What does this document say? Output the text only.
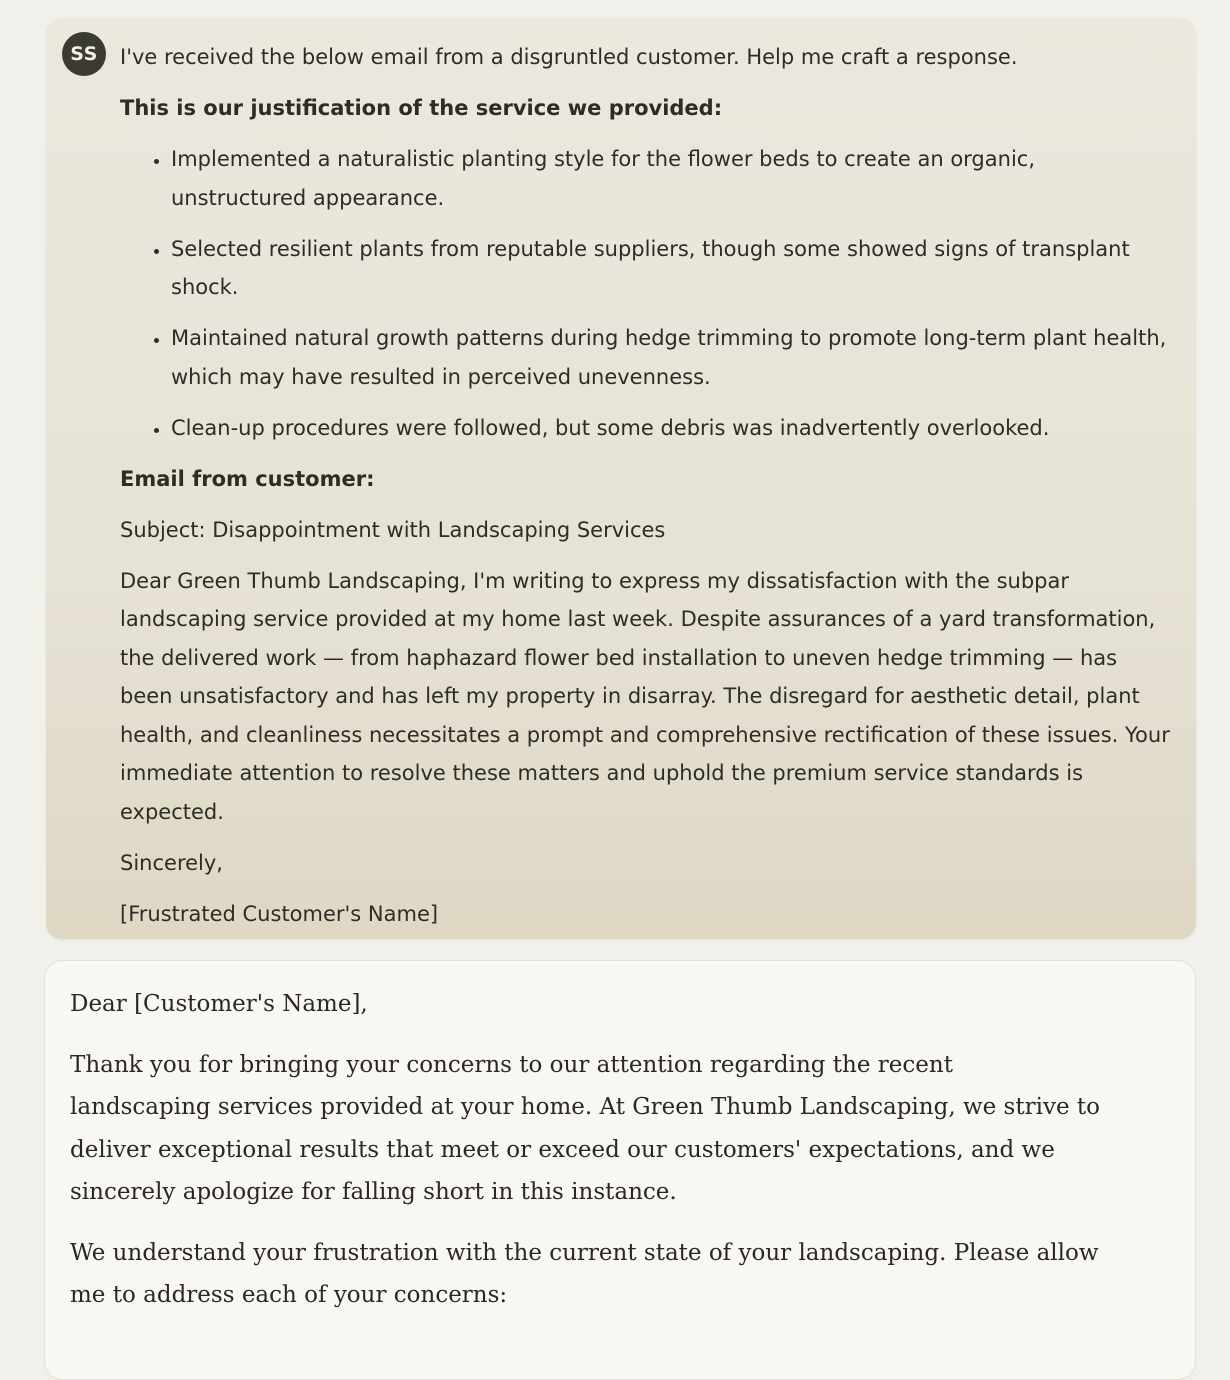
SS	I've received the below email from a disgruntled customer. Help me craft a response.

This is our justification of the service we provided:

• Implemented a naturalistic planting style for the flower beds to create an organic, unstructured appearance.
• Selected resilient plants from reputable suppliers, though some showed signs of transplant shock.
• Maintained natural growth patterns during hedge trimming to promote long-term plant health, which may have resulted in perceived unevenness.
• Clean-up procedures were followed, but some debris was inadvertently overlooked.

Email from customer:

Subject: Disappointment with Landscaping Services

Dear Green Thumb Landscaping, I'm writing to express my dissatisfaction with the subpar landscaping service provided at my home last week. Despite assurances of a yard transformation, the delivered work — from haphazard flower bed installation to uneven hedge trimming — has been unsatisfactory and has left my property in disarray. The disregard for aesthetic detail, plant health, and cleanliness necessitates a prompt and comprehensive rectification of these issues. Your immediate attention to resolve these matters and uphold the premium service standards is expected.

Sincerely,

[Frustrated Customer's Name]

Dear [Customer's Name],

Thank you for bringing your concerns to our attention regarding the recent landscaping services provided at your home. At Green Thumb Landscaping, we strive to deliver exceptional results that meet or exceed our customers' expectations, and we sincerely apologize for falling short in this instance.

We understand your frustration with the current state of your landscaping. Please allow me to address each of your concerns:
